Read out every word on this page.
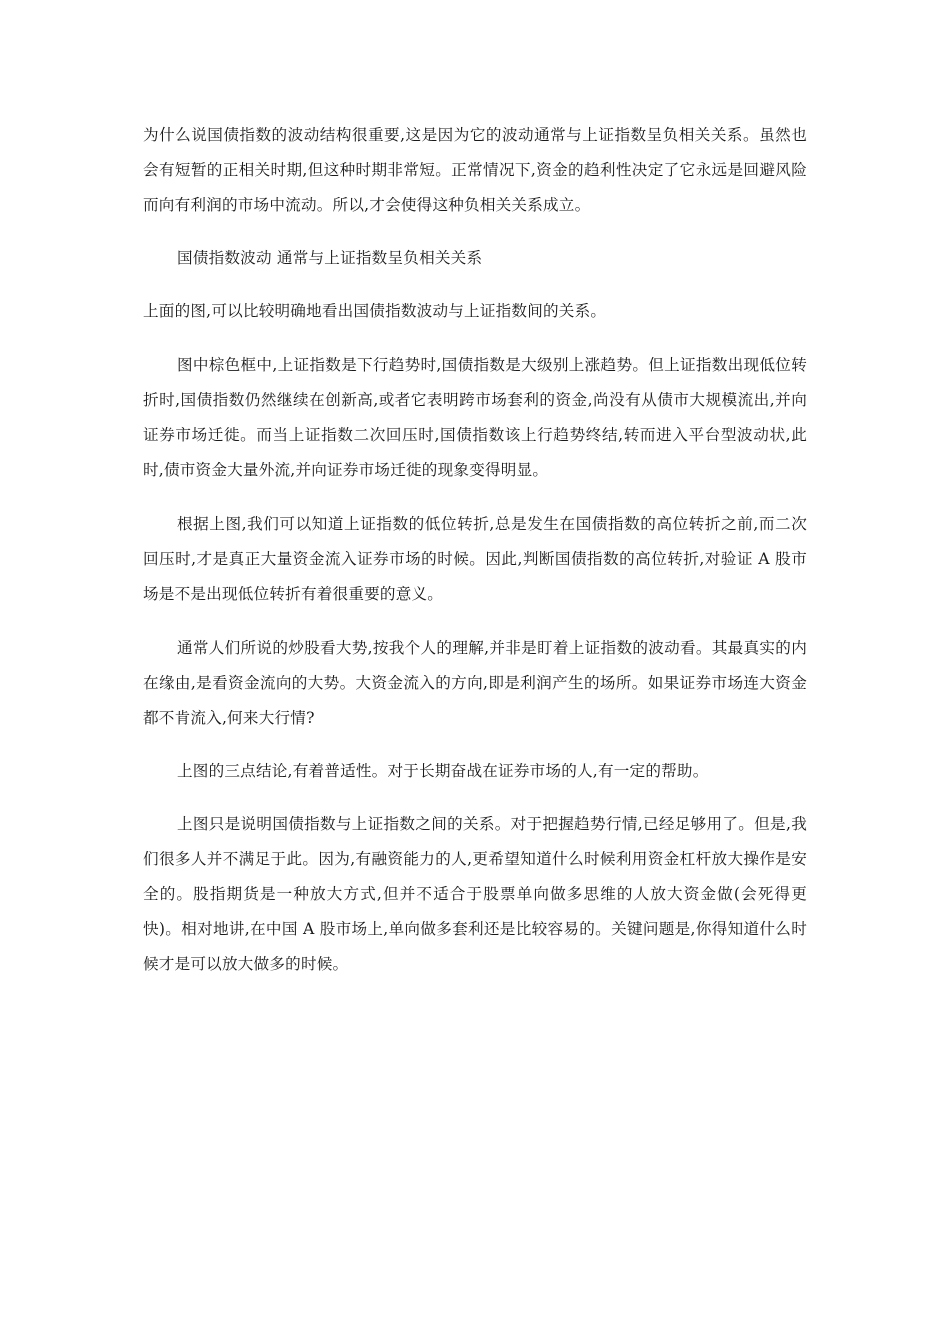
为什么说国债指数的波动结构很重要,这是因为它的波动通常与上证指数呈负相关关系。虽然也会有短暂的正相关时期,但这种时期非常短。正常情况下,资金的趋利性决定了它永远是回避风险而向有利润的市场中流动。所以,才会使得这种负相关关系成立。

国债指数波动 通常与上证指数呈负相关关系

上面的图,可以比较明确地看出国债指数波动与上证指数间的关系。

图中棕色框中,上证指数是下行趋势时,国债指数是大级别上涨趋势。但上证指数出现低位转折时,国债指数仍然继续在创新高,或者它表明跨市场套利的资金,尚没有从债市大规模流出,并向证券市场迁徙。而当上证指数二次回压时,国债指数该上行趋势终结,转而进入平台型波动状,此时,债市资金大量外流,并向证券市场迁徙的现象变得明显。

根据上图,我们可以知道上证指数的低位转折,总是发生在国债指数的高位转折之前,而二次回压时,才是真正大量资金流入证券市场的时候。因此,判断国债指数的高位转折,对验证 A 股市场是不是出现低位转折有着很重要的意义。

通常人们所说的炒股看大势,按我个人的理解,并非是盯着上证指数的波动看。其最真实的内在缘由,是看资金流向的大势。大资金流入的方向,即是利润产生的场所。如果证券市场连大资金都不肯流入,何来大行情?

上图的三点结论,有着普适性。对于长期奋战在证券市场的人,有一定的帮助。

上图只是说明国债指数与上证指数之间的关系。对于把握趋势行情,已经足够用了。但是,我们很多人并不满足于此。因为,有融资能力的人,更希望知道什么时候利用资金杠杆放大操作是安全的。股指期货是一种放大方式,但并不适合于股票单向做多思维的人放大资金做(会死得更快)。相对地讲,在中国 A 股市场上,单向做多套利还是比较容易的。关键问题是,你得知道什么时候才是可以放大做多的时候。
